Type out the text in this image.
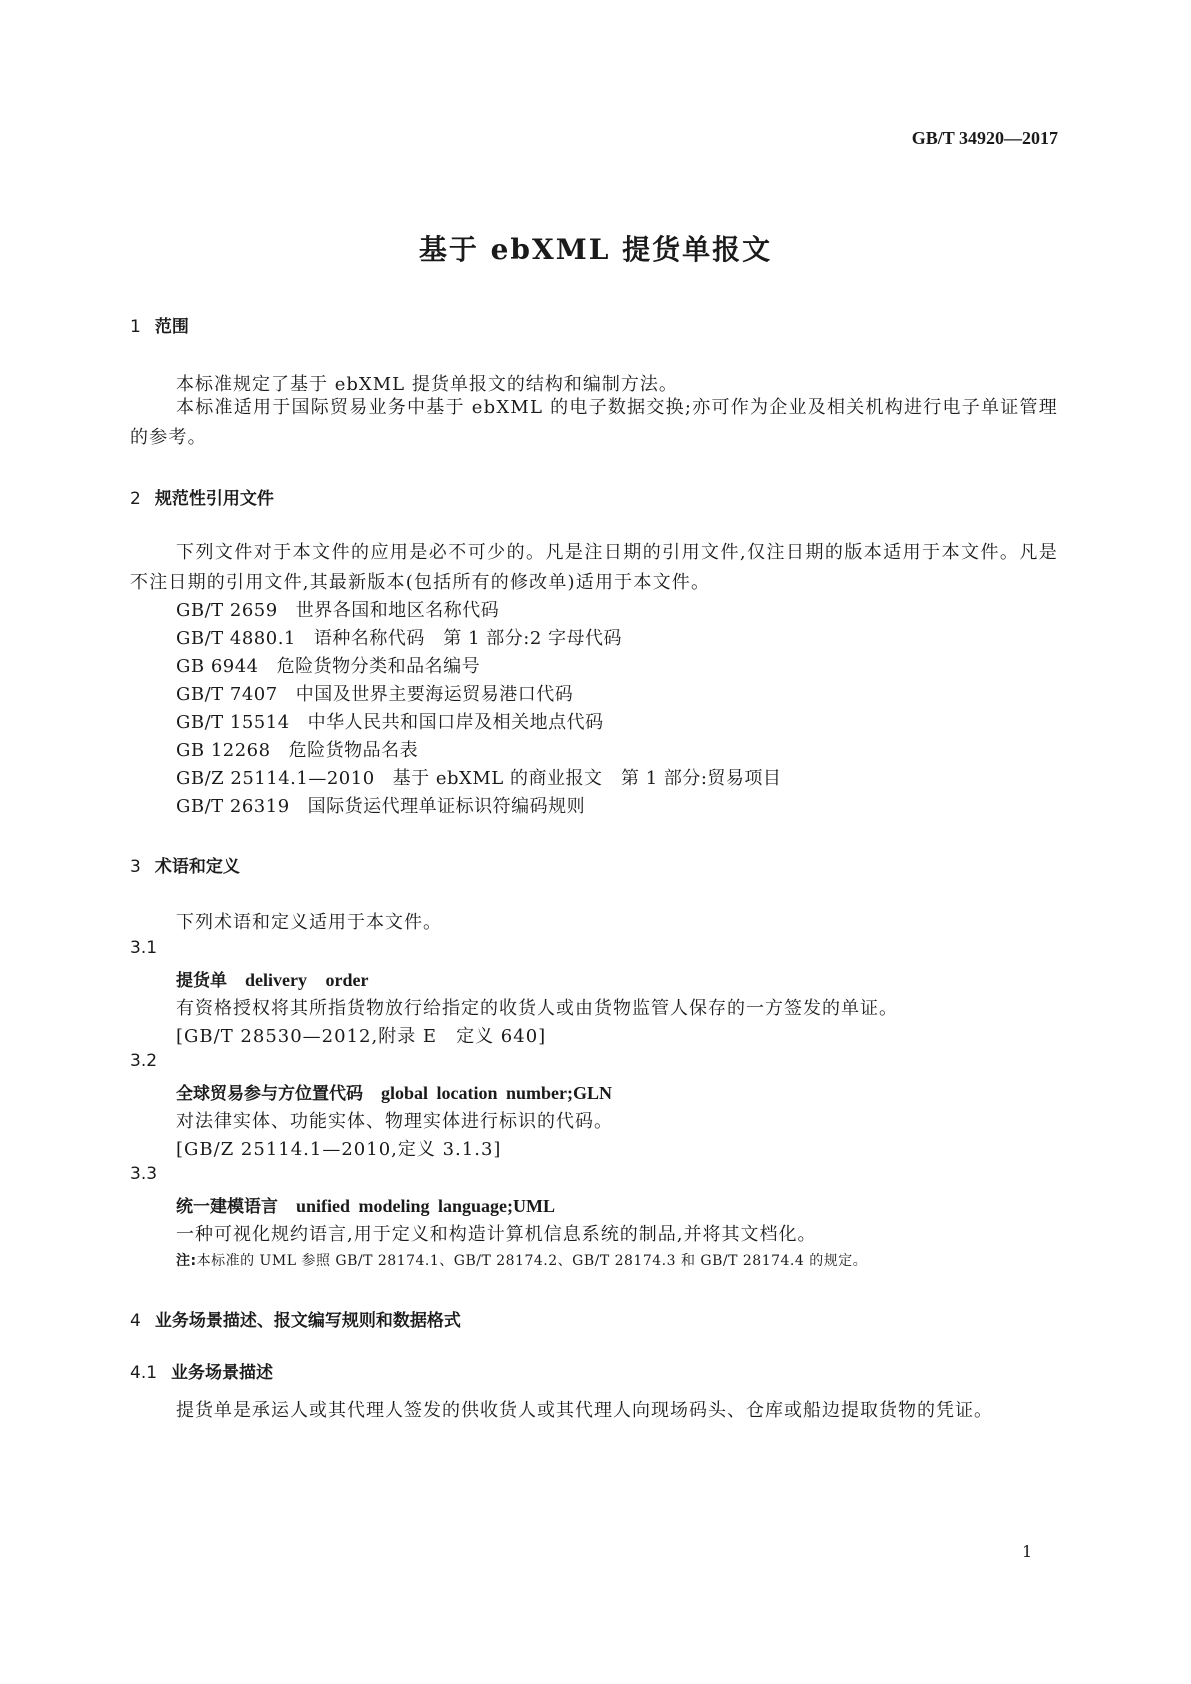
GB/T 34920—2017
基于 ebXML 提货单报文
1 范围
本标准规定了基于 ebXML 提货单报文的结构和编制方法。
本标准适用于国际贸易业务中基于 ebXML 的电子数据交换;亦可作为企业及相关机构进行电子单证管理的参考。
2 规范性引用文件
下列文件对于本文件的应用是必不可少的。凡是注日期的引用文件,仅注日期的版本适用于本文件。凡是不注日期的引用文件,其最新版本(包括所有的修改单)适用于本文件。
GB/T 2659 世界各国和地区名称代码
GB/T 4880.1 语种名称代码　第 1 部分:2 字母代码
GB 6944 危险货物分类和品名编号
GB/T 7407 中国及世界主要海运贸易港口代码
GB/T 15514 中华人民共和国口岸及相关地点代码
GB 12268 危险货物品名表
GB/Z 25114.1—2010 基于 ebXML 的商业报文　第 1 部分:贸易项目
GB/T 26319 国际货运代理单证标识符编码规则
3 术语和定义
下列术语和定义适用于本文件。
3.1
提货单 delivery order
有资格授权将其所指货物放行给指定的收货人或由货物监管人保存的一方签发的单证。
[GB/T 28530—2012,附录 E　定义 640]
3.2
全球贸易参与方位置代码 global location number;GLN
对法律实体、功能实体、物理实体进行标识的代码。
[GB/Z 25114.1—2010,定义 3.1.3]
3.3
统一建模语言 unified modeling language;UML
一种可视化规约语言,用于定义和构造计算机信息系统的制品,并将其文档化。
注:本标准的 UML 参照 GB/T 28174.1、GB/T 28174.2、GB/T 28174.3 和 GB/T 28174.4 的规定。
4 业务场景描述、报文编写规则和数据格式
4.1 业务场景描述
提货单是承运人或其代理人签发的供收货人或其代理人向现场码头、仓库或船边提取货物的凭证。
1
